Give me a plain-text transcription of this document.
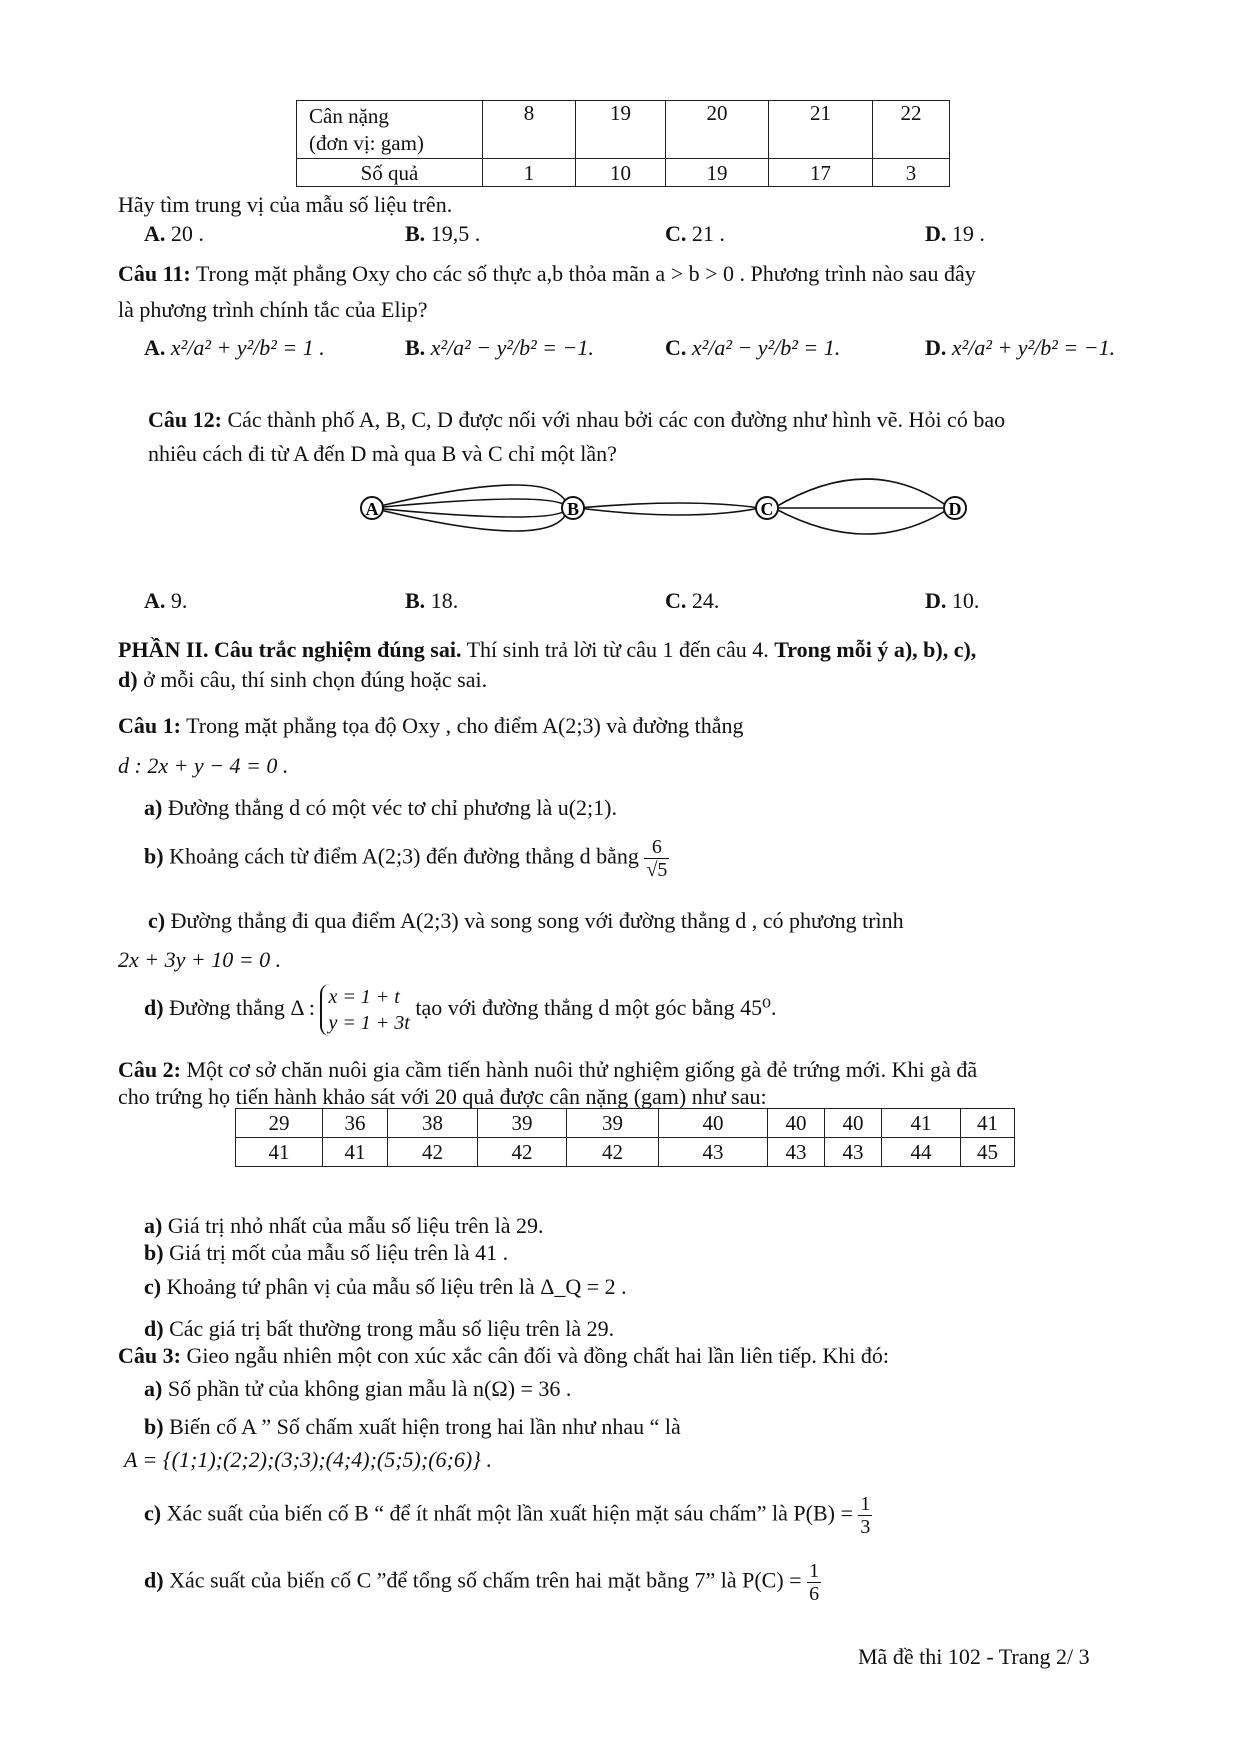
Cân nặng
(đơn vị: gam)	8	19	20	21	22
Số quả	1	10	19	17	3
Hãy tìm trung vị của mẫu số liệu trên.
A. 20 .	B. 19,5 .	C. 21 .	D. 19 .
Câu 11: Trong mặt phẳng Oxy cho các số thực a,b thỏa mãn a > b > 0 . Phương trình nào sau đây
là phương trình chính tắc của Elip?
A. x²/a² + y²/b² = 1 .	B. x²/a² − y²/b² = −1.	C. x²/a² − y²/b² = 1.	D. x²/a² + y²/b² = −1.
Câu 12: Các thành phố A, B, C, D được nối với nhau bởi các con đường như hình vẽ. Hỏi có bao
nhiêu cách đi từ A đến D mà qua B và C chỉ một lần?
A	B	C	D
A. 9.	B. 18.	C. 24.	D. 10.
PHẦN II. Câu trắc nghiệm đúng sai. Thí sinh trả lời từ câu 1 đến câu 4. Trong mỗi ý a), b), c),
d) ở mỗi câu, thí sinh chọn đúng hoặc sai.
Câu 1: Trong mặt phẳng tọa độ Oxy , cho điểm A(2;3) và đường thẳng
d : 2x + y − 4 = 0 .
a) Đường thẳng d có một véc tơ chỉ phương là u(2;1).
b) Khoảng cách từ điểm A(2;3) đến đường thẳng d bằng $\frac{6}{√5}$
c) Đường thẳng đi qua điểm A(2;3) và song song với đường thẳng d , có phương trình
2x + 3y + 10 = 0 .
d) Đường thẳng Δ : x = 1 + t
y = 1 + 3t tạo với đường thẳng d một góc bằng 45⁰.
Câu 2: Một cơ sở chăn nuôi gia cầm tiến hành nuôi thử nghiệm giống gà đẻ trứng mới. Khi gà đã
cho trứng họ tiến hành khảo sát với 20 quả được cân nặng (gam) như sau:
29	36	38	39	39	40	40	40	41	41
41	41	42	42	42	43	43	43	44	45
a) Giá trị nhỏ nhất của mẫu số liệu trên là 29.
b) Giá trị mốt của mẫu số liệu trên là 41 .
c) Khoảng tứ phân vị của mẫu số liệu trên là Δ_Q = 2 .
d) Các giá trị bất thường trong mẫu số liệu trên là 29.
Câu 3: Gieo ngẫu nhiên một con xúc xắc cân đối và đồng chất hai lần liên tiếp. Khi đó:
a) Số phần tử của không gian mẫu là n(Ω) = 36 .
b) Biến cố A ” Số chấm xuất hiện trong hai lần như nhau “ là
A = {(1;1);(2;2);(3;3);(4;4);(5;5);(6;6)} .
c) Xác suất của biến cố B “ để ít nhất một lần xuất hiện mặt sáu chấm” là $P(B) = \frac{1}{3}$
d) Xác suất của biến cố C ”để tổng số chấm trên hai mặt bằng 7” là $P(C) = \frac{1}{6}$
Mã đề thi 102 - Trang 2/ 3
